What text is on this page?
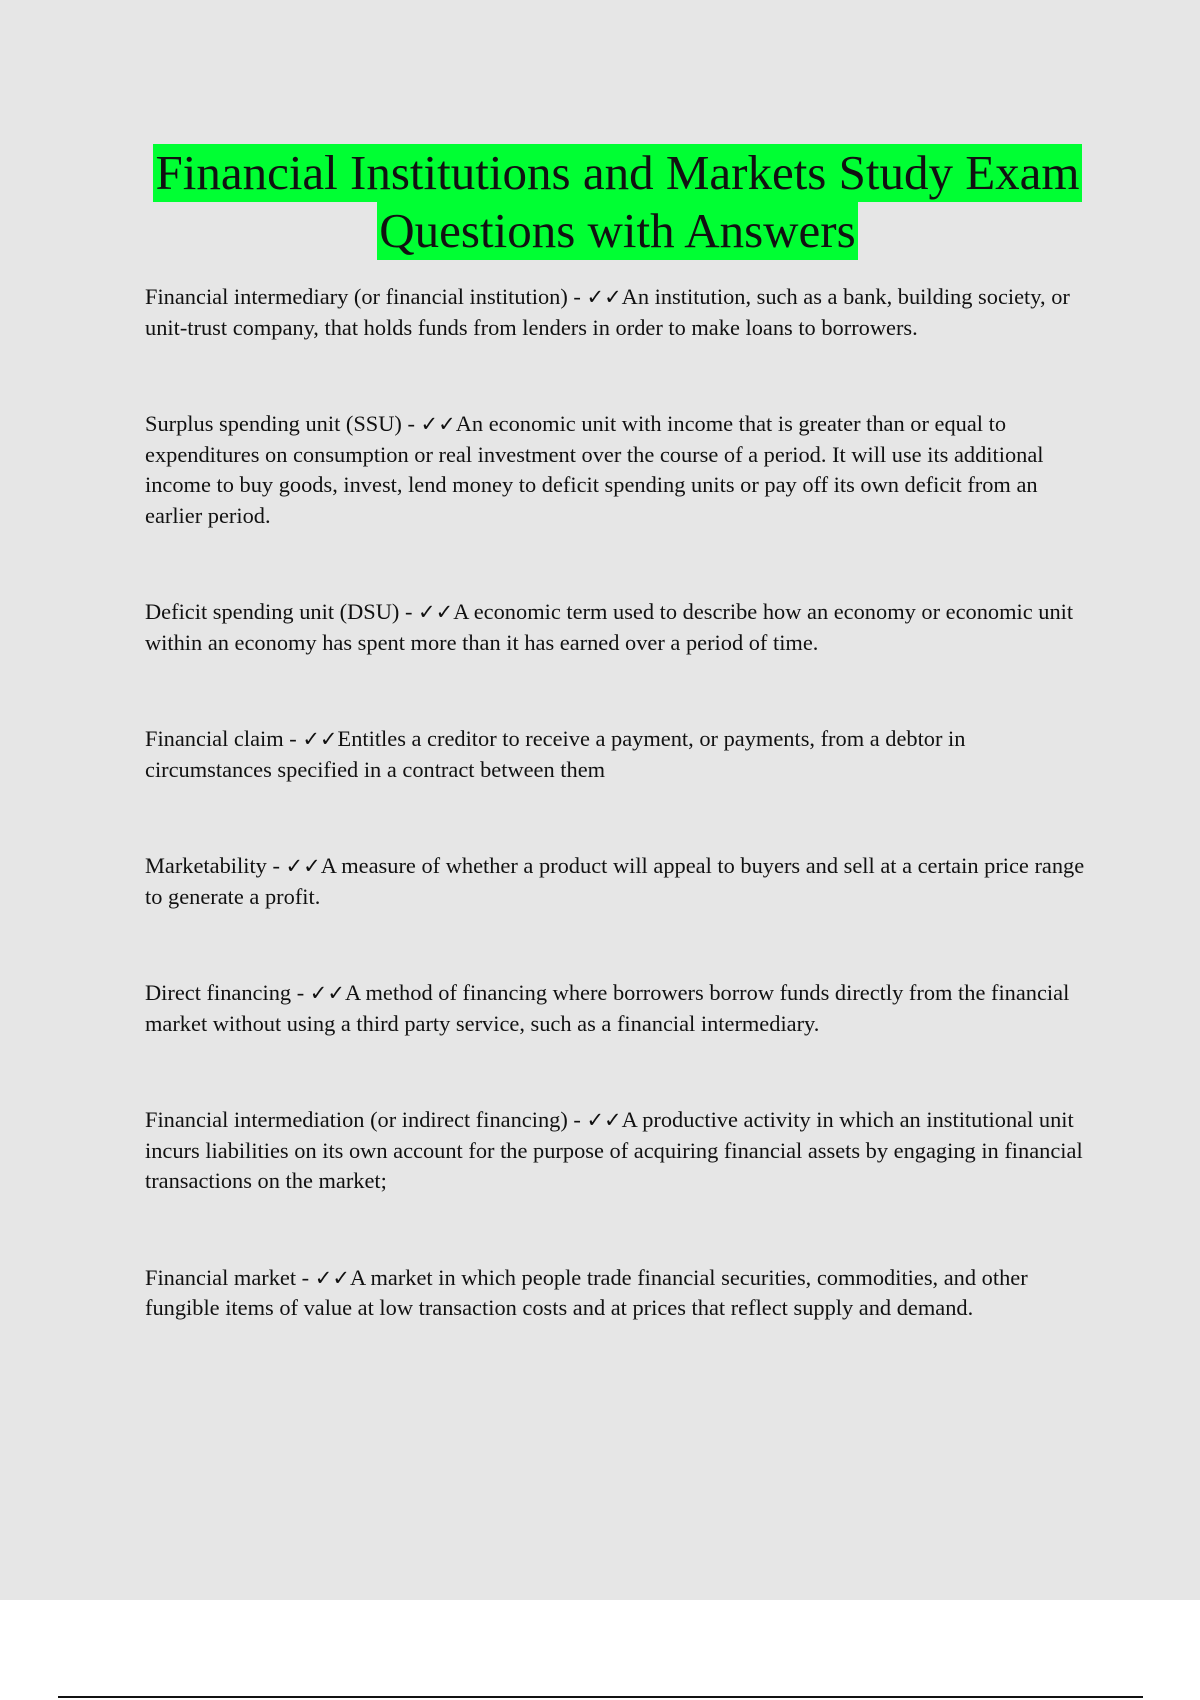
Financial Institutions and Markets Study Exam
Questions with Answers

Financial intermediary (or financial institution) - ✓✓An institution, such as a bank, building society, or unit-trust company, that holds funds from lenders in order to make loans to borrowers.

Surplus spending unit (SSU) - ✓✓An economic unit with income that is greater than or equal to expenditures on consumption or real investment over the course of a period. It will use its additional income to buy goods, invest, lend money to deficit spending units or pay off its own deficit from an earlier period.

Deficit spending unit (DSU) - ✓✓A economic term used to describe how an economy or economic unit within an economy has spent more than it has earned over a period of time.

Financial claim - ✓✓Entitles a creditor to receive a payment, or payments, from a debtor in circumstances specified in a contract between them

Marketability - ✓✓A measure of whether a product will appeal to buyers and sell at a certain price range to generate a profit.

Direct financing - ✓✓A method of financing where borrowers borrow funds directly from the financial market without using a third party service, such as a financial intermediary.

Financial intermediation (or indirect financing) - ✓✓A productive activity in which an institutional unit incurs liabilities on its own account for the purpose of acquiring financial assets by engaging in financial transactions on the market;

Financial market - ✓✓A market in which people trade financial securities, commodities, and other fungible items of value at low transaction costs and at prices that reflect supply and demand.
